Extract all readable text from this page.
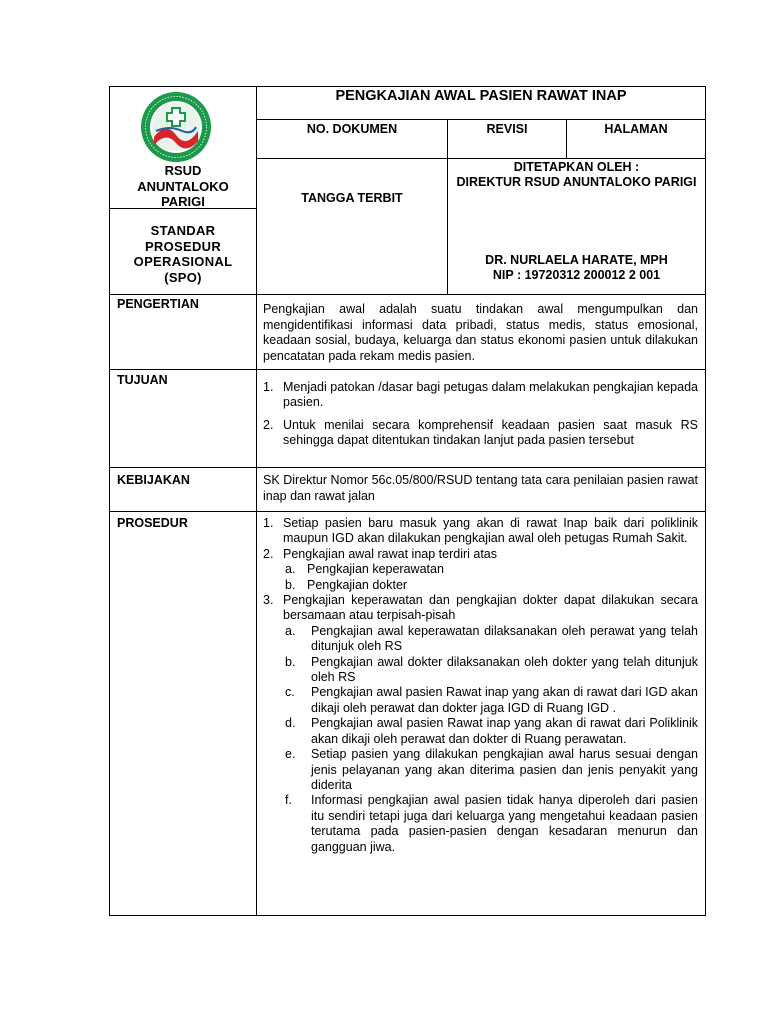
RSUD
ANUNTALOKO
PARIGI
STANDAR
PROSEDUR
OPERASIONAL
(SPO)
PENGKAJIAN AWAL PASIEN RAWAT INAP
NO. DOKUMEN	REVISI	HALAMAN
TANGGA TERBIT
DITETAPKAN OLEH :
DIREKTUR RSUD ANUNTALOKO PARIGI
DR. NURLAELA HARATE, MPH
NIP : 19720312 200012 2 001
PENGERTIAN
TUJUAN
KEBIJAKAN
PROSEDUR
Pengkajian awal adalah suatu tindakan awal mengumpulkan dan mengidentifikasi informasi data pribadi, status medis, status emosional, keadaan sosial, budaya, keluarga dan status ekonomi pasien untuk dilakukan pencatatan pada rekam medis pasien.
1. Menjadi patokan /dasar bagi petugas dalam melakukan pengkajian kepada pasien.
2. Untuk menilai secara komprehensif keadaan pasien saat masuk RS sehingga dapat ditentukan tindakan lanjut pada pasien tersebut
SK Direktur Nomor 56c.05/800/RSUD tentang tata cara penilaian pasien rawat inap dan rawat jalan
1. Setiap pasien baru masuk yang akan di rawat Inap baik dari poliklinik maupun IGD akan dilakukan pengkajian awal oleh petugas Rumah Sakit.
2. Pengkajian awal rawat inap terdiri atas
a. Pengkajian keperawatan
b. Pengkajian dokter
3. Pengkajian keperawatan dan pengkajian dokter dapat dilakukan secara bersamaan atau terpisah-pisah
a. Pengkajian awal keperawatan dilaksanakan oleh perawat yang telah ditunjuk oleh RS
b. Pengkajian awal dokter dilaksanakan oleh dokter yang telah ditunjuk oleh RS
c. Pengkajian awal pasien Rawat inap yang akan di rawat dari IGD akan dikaji oleh perawat dan dokter jaga IGD di Ruang IGD .
d. Pengkajian awal pasien Rawat inap yang akan di rawat dari Poliklinik akan dikaji oleh perawat dan dokter di Ruang perawatan.
e. Setiap pasien yang dilakukan pengkajian awal harus sesuai dengan jenis pelayanan yang akan diterima pasien dan jenis penyakit yang diderita
f. Informasi pengkajian awal pasien tidak hanya diperoleh dari pasien itu sendiri tetapi juga dari keluarga yang mengetahui keadaan pasien terutama pada pasien-pasien dengan kesadaran menurun dan gangguan jiwa.
